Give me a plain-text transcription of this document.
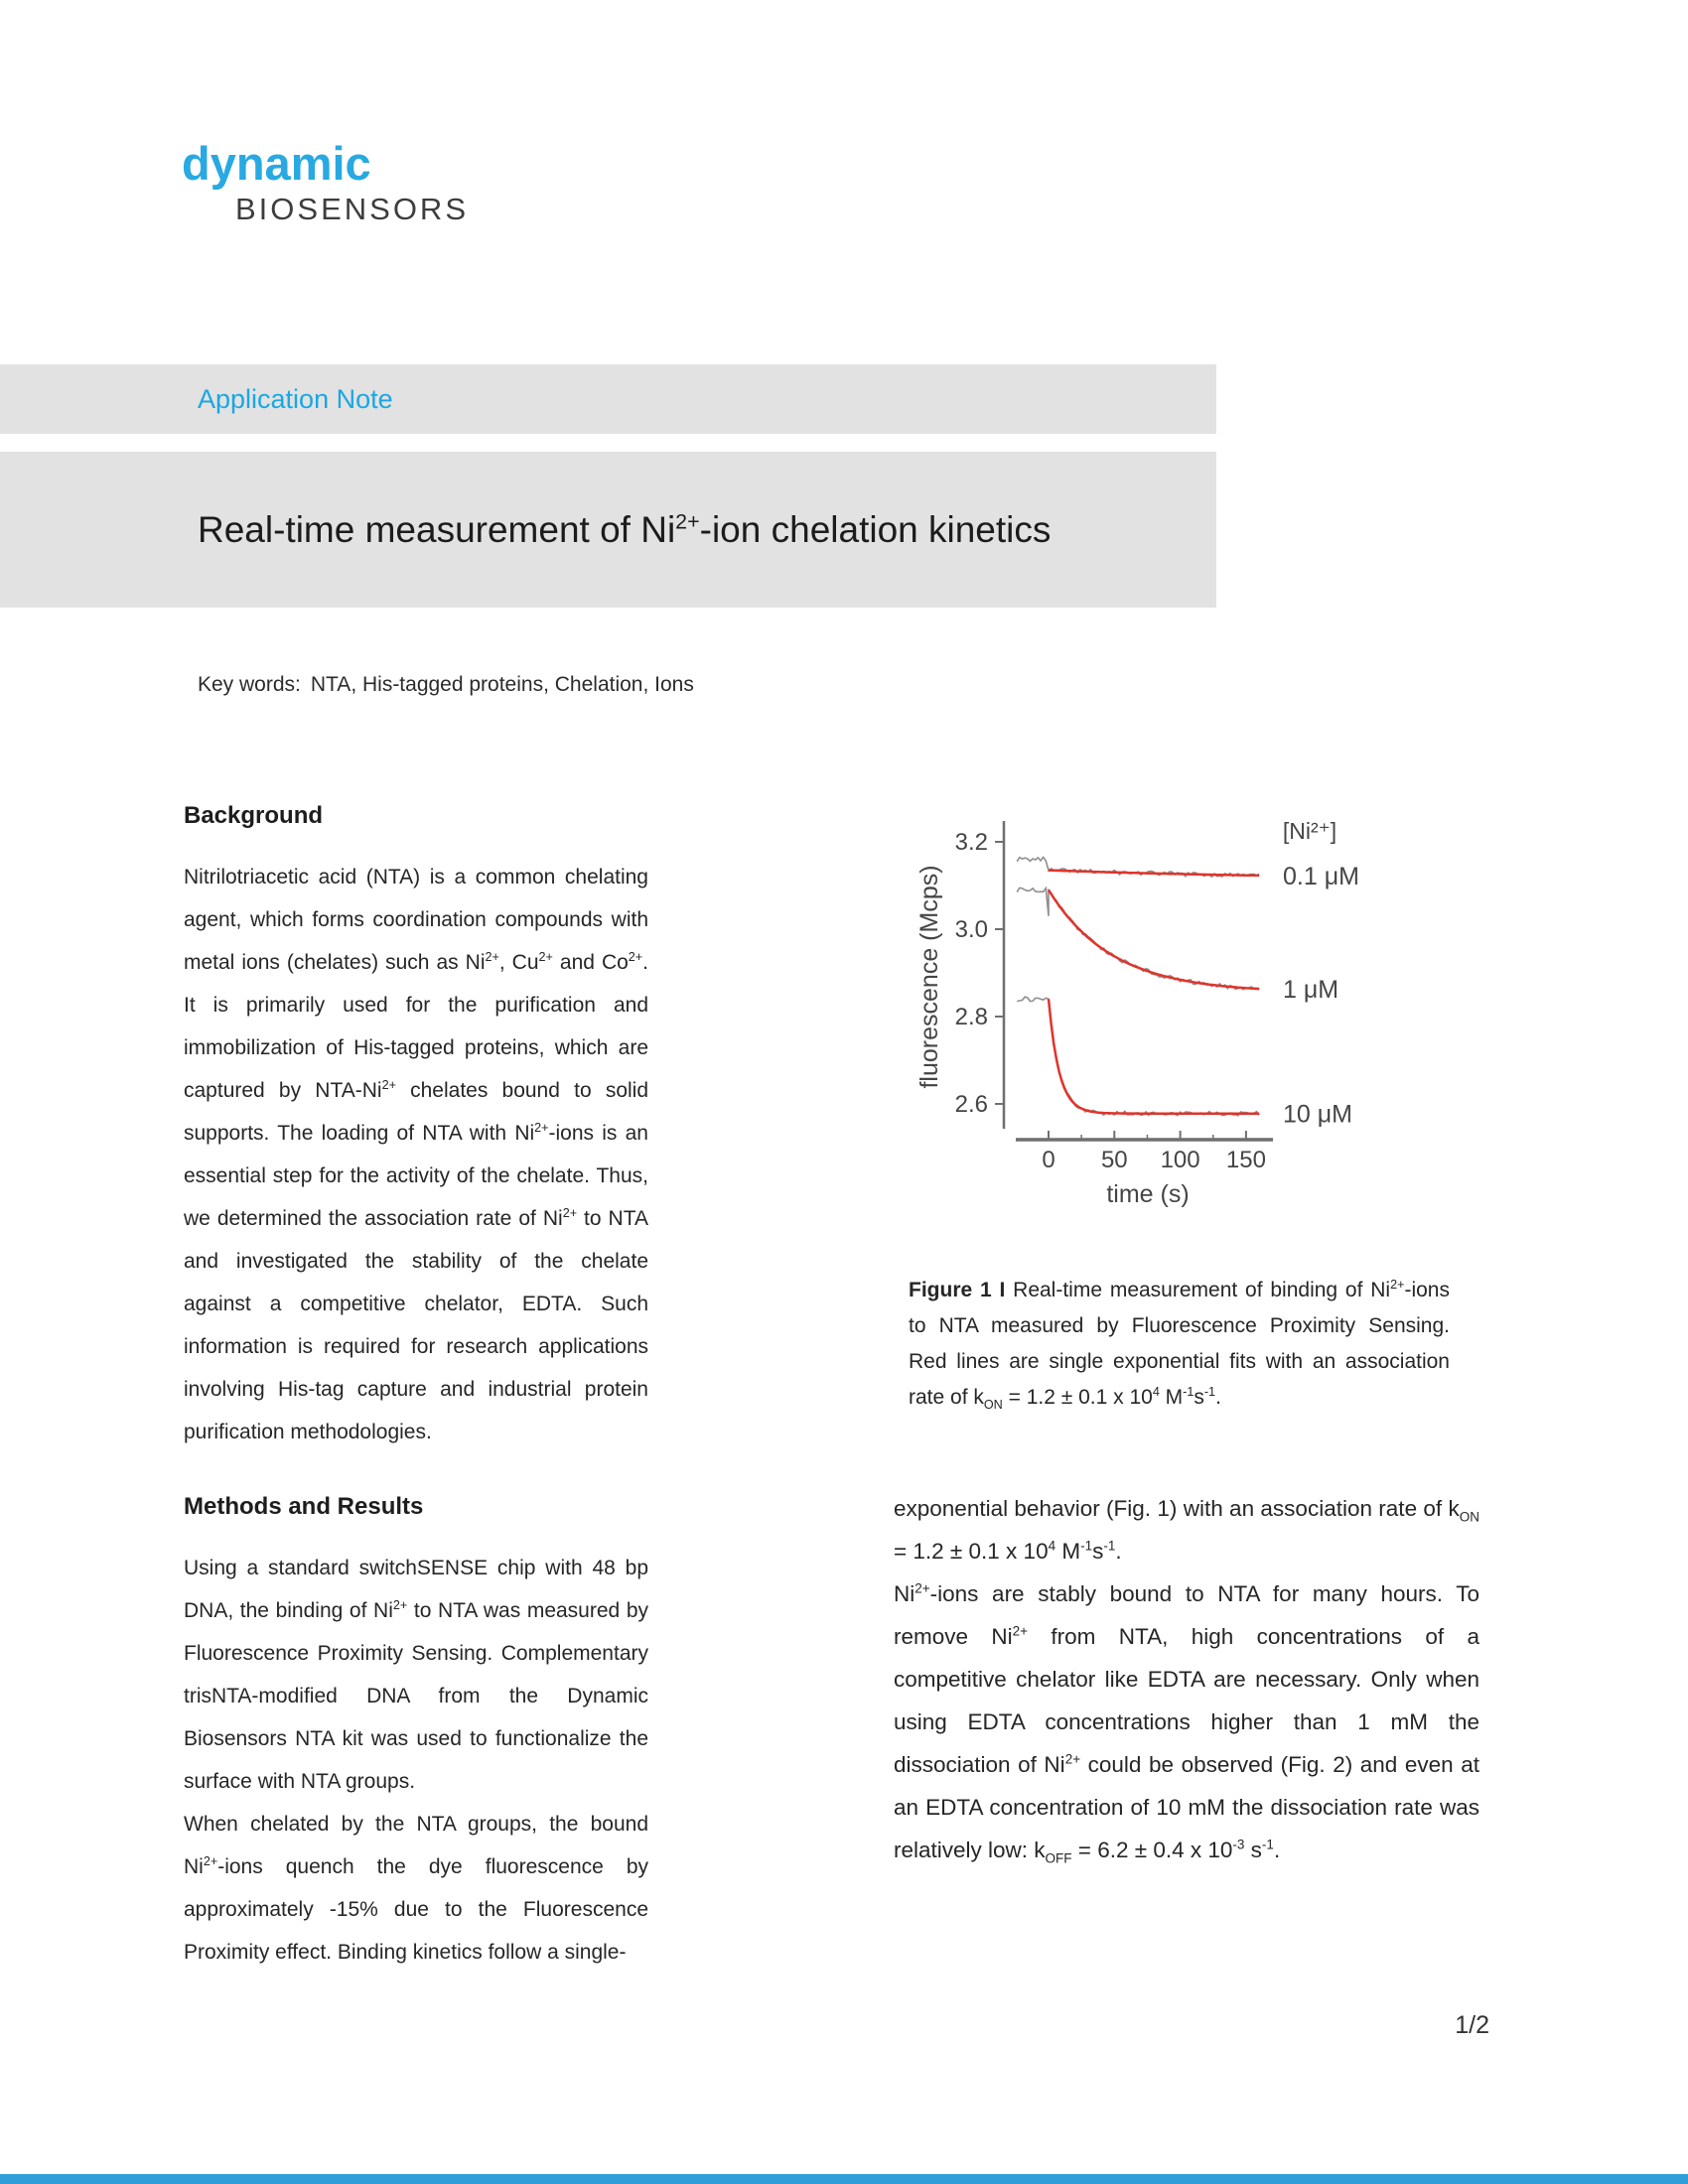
dynamic
BIOSENSORS
Application Note
Real-time measurement of $Ni^{2+}$-ion chelation kinetics
Key words: NTA, His-tagged proteins, Chelation, Ions
Background

Nitrilotriacetic acid (NTA) is a common chelating agent, which forms coordination compounds with metal ions (chelates) such as $Ni^{2+}$, $Cu^{2+}$ and $Co^{2+}$. It is primarily used for the purification and immobilization of His-tagged proteins, which are captured by NTA-$Ni^{2+}$ chelates bound to solid supports. The loading of NTA with $Ni^{2+}$-ions is an essential step for the activity of the chelate. Thus, we determined the association rate of $Ni^{2+}$ to NTA and investigated the stability of the chelate against a competitive chelator, EDTA. Such information is required for research applications involving His-tag capture and industrial protein purification methodologies.

Methods and Results

Using a standard switchSENSE chip with 48 bp DNA, the binding of $Ni^{2+}$ to NTA was measured by Fluorescence Proximity Sensing. Complementary trisNTA-modified DNA from the Dynamic Biosensors NTA kit was used to functionalize the surface with NTA groups.

When chelated by the NTA groups, the bound $Ni^{2+}$-ions quench the dye fluorescence by approximately -15% due to the Fluorescence Proximity effect. Binding kinetics follow a single-

3.2
3.0
2.8
2.6
fluorescence (Mcps)
0 50 100 150
time (s)
[Ni²⁺]
0.1 μM
1 μM
10 μM
Figure 1 I Real-time measurement of binding of $Ni^{2+}$-ions to NTA measured by Fluorescence Proximity Sensing. Red lines are single exponential fits with an association rate of $k_{ON} = 1.2 \pm 0.1$ x $10^4$ $M^{-1}s^{-1}$.

exponential behavior (Fig. 1) with an association rate of $k_{ON} = 1.2 \pm 0.1$ x $10^4$ $M^{-1}s^{-1}$.

$Ni^{2+}$-ions are stably bound to NTA for many hours. To remove $Ni^{2+}$ from NTA, high concentrations of a competitive chelator like EDTA are necessary. Only when using EDTA concentrations higher than 1 mM the dissociation of $Ni^{2+}$ could be observed (Fig. 2) and even at an EDTA concentration of 10 mM the dissociation rate was relatively low: $k_{OFF} = 6.2 \pm 0.4$ x $10^{-3}$ $s^{-1}$.

1/2
